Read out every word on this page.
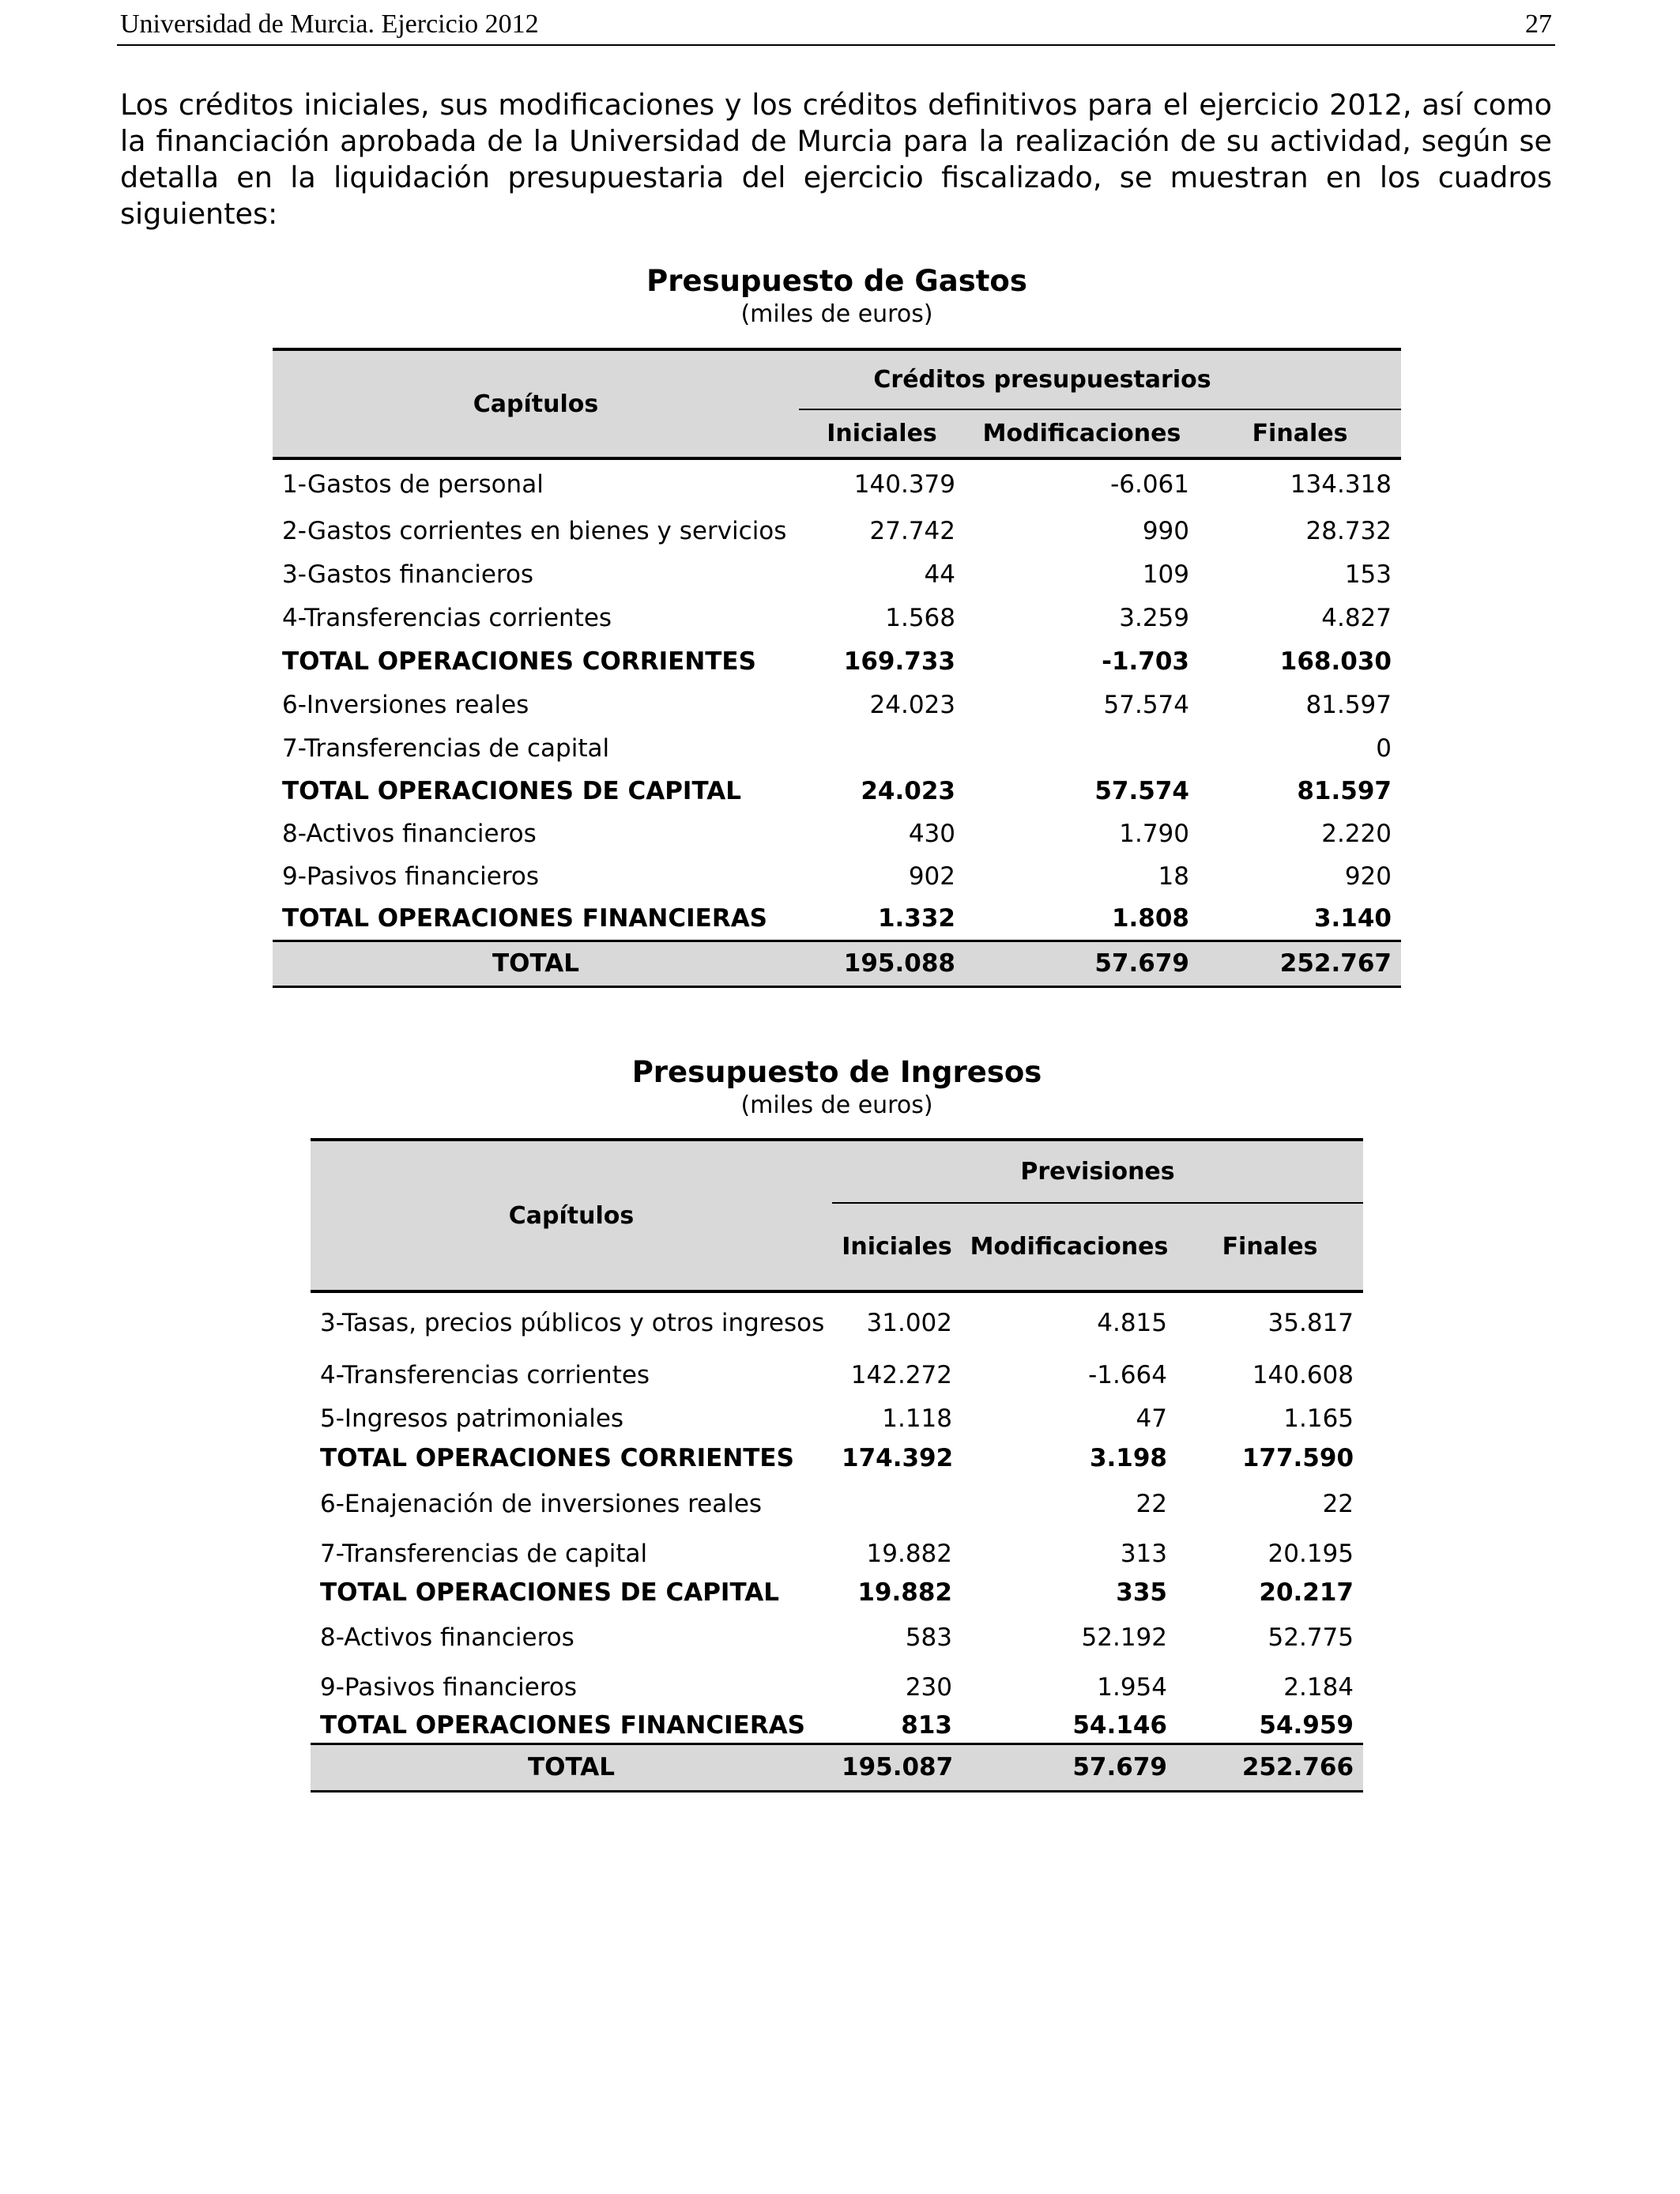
Universidad de Murcia. Ejercicio 2012	27
Los créditos iniciales, sus modificaciones y los créditos definitivos para el ejercicio 2012, así como la financiación aprobada de la Universidad de Murcia para la realización de su actividad, según se detalla en la liquidación presupuestaria del ejercicio fiscalizado, se muestran en los cuadros siguientes:
Presupuesto de Gastos
(miles de euros)
Capítulos	Créditos presupuestarios		
	Iniciales	Modificaciones	Finales
1-Gastos de personal	140.379	-6.061	134.318
2-Gastos corrientes en bienes y servicios	27.742	990	28.732
3-Gastos financieros	44	109	153
4-Transferencias corrientes	1.568	3.259	4.827
TOTAL OPERACIONES CORRIENTES	169.733	-1.703	168.030
6-Inversiones reales	24.023	57.574	81.597
7-Transferencias de capital			0
TOTAL OPERACIONES DE CAPITAL	24.023	57.574	81.597
8-Activos financieros	430	1.790	2.220
9-Pasivos financieros	902	18	920
TOTAL OPERACIONES FINANCIERAS	1.332	1.808	3.140
TOTAL	195.088	57.679	252.767
Presupuesto de Ingresos
(miles de euros)
Capítulos	Previsiones		
	Iniciales	Modificaciones	Finales
3-Tasas, precios públicos y otros ingresos	31.002	4.815	35.817
4-Transferencias corrientes	142.272	-1.664	140.608
5-Ingresos patrimoniales	1.118	47	1.165
TOTAL OPERACIONES CORRIENTES	174.392	3.198	177.590
6-Enajenación de inversiones reales		22	22
7-Transferencias de capital	19.882	313	20.195
TOTAL OPERACIONES DE CAPITAL	19.882	335	20.217
8-Activos financieros	583	52.192	52.775
9-Pasivos financieros	230	1.954	2.184
TOTAL OPERACIONES FINANCIERAS	813	54.146	54.959
TOTAL	195.087	57.679	252.766
